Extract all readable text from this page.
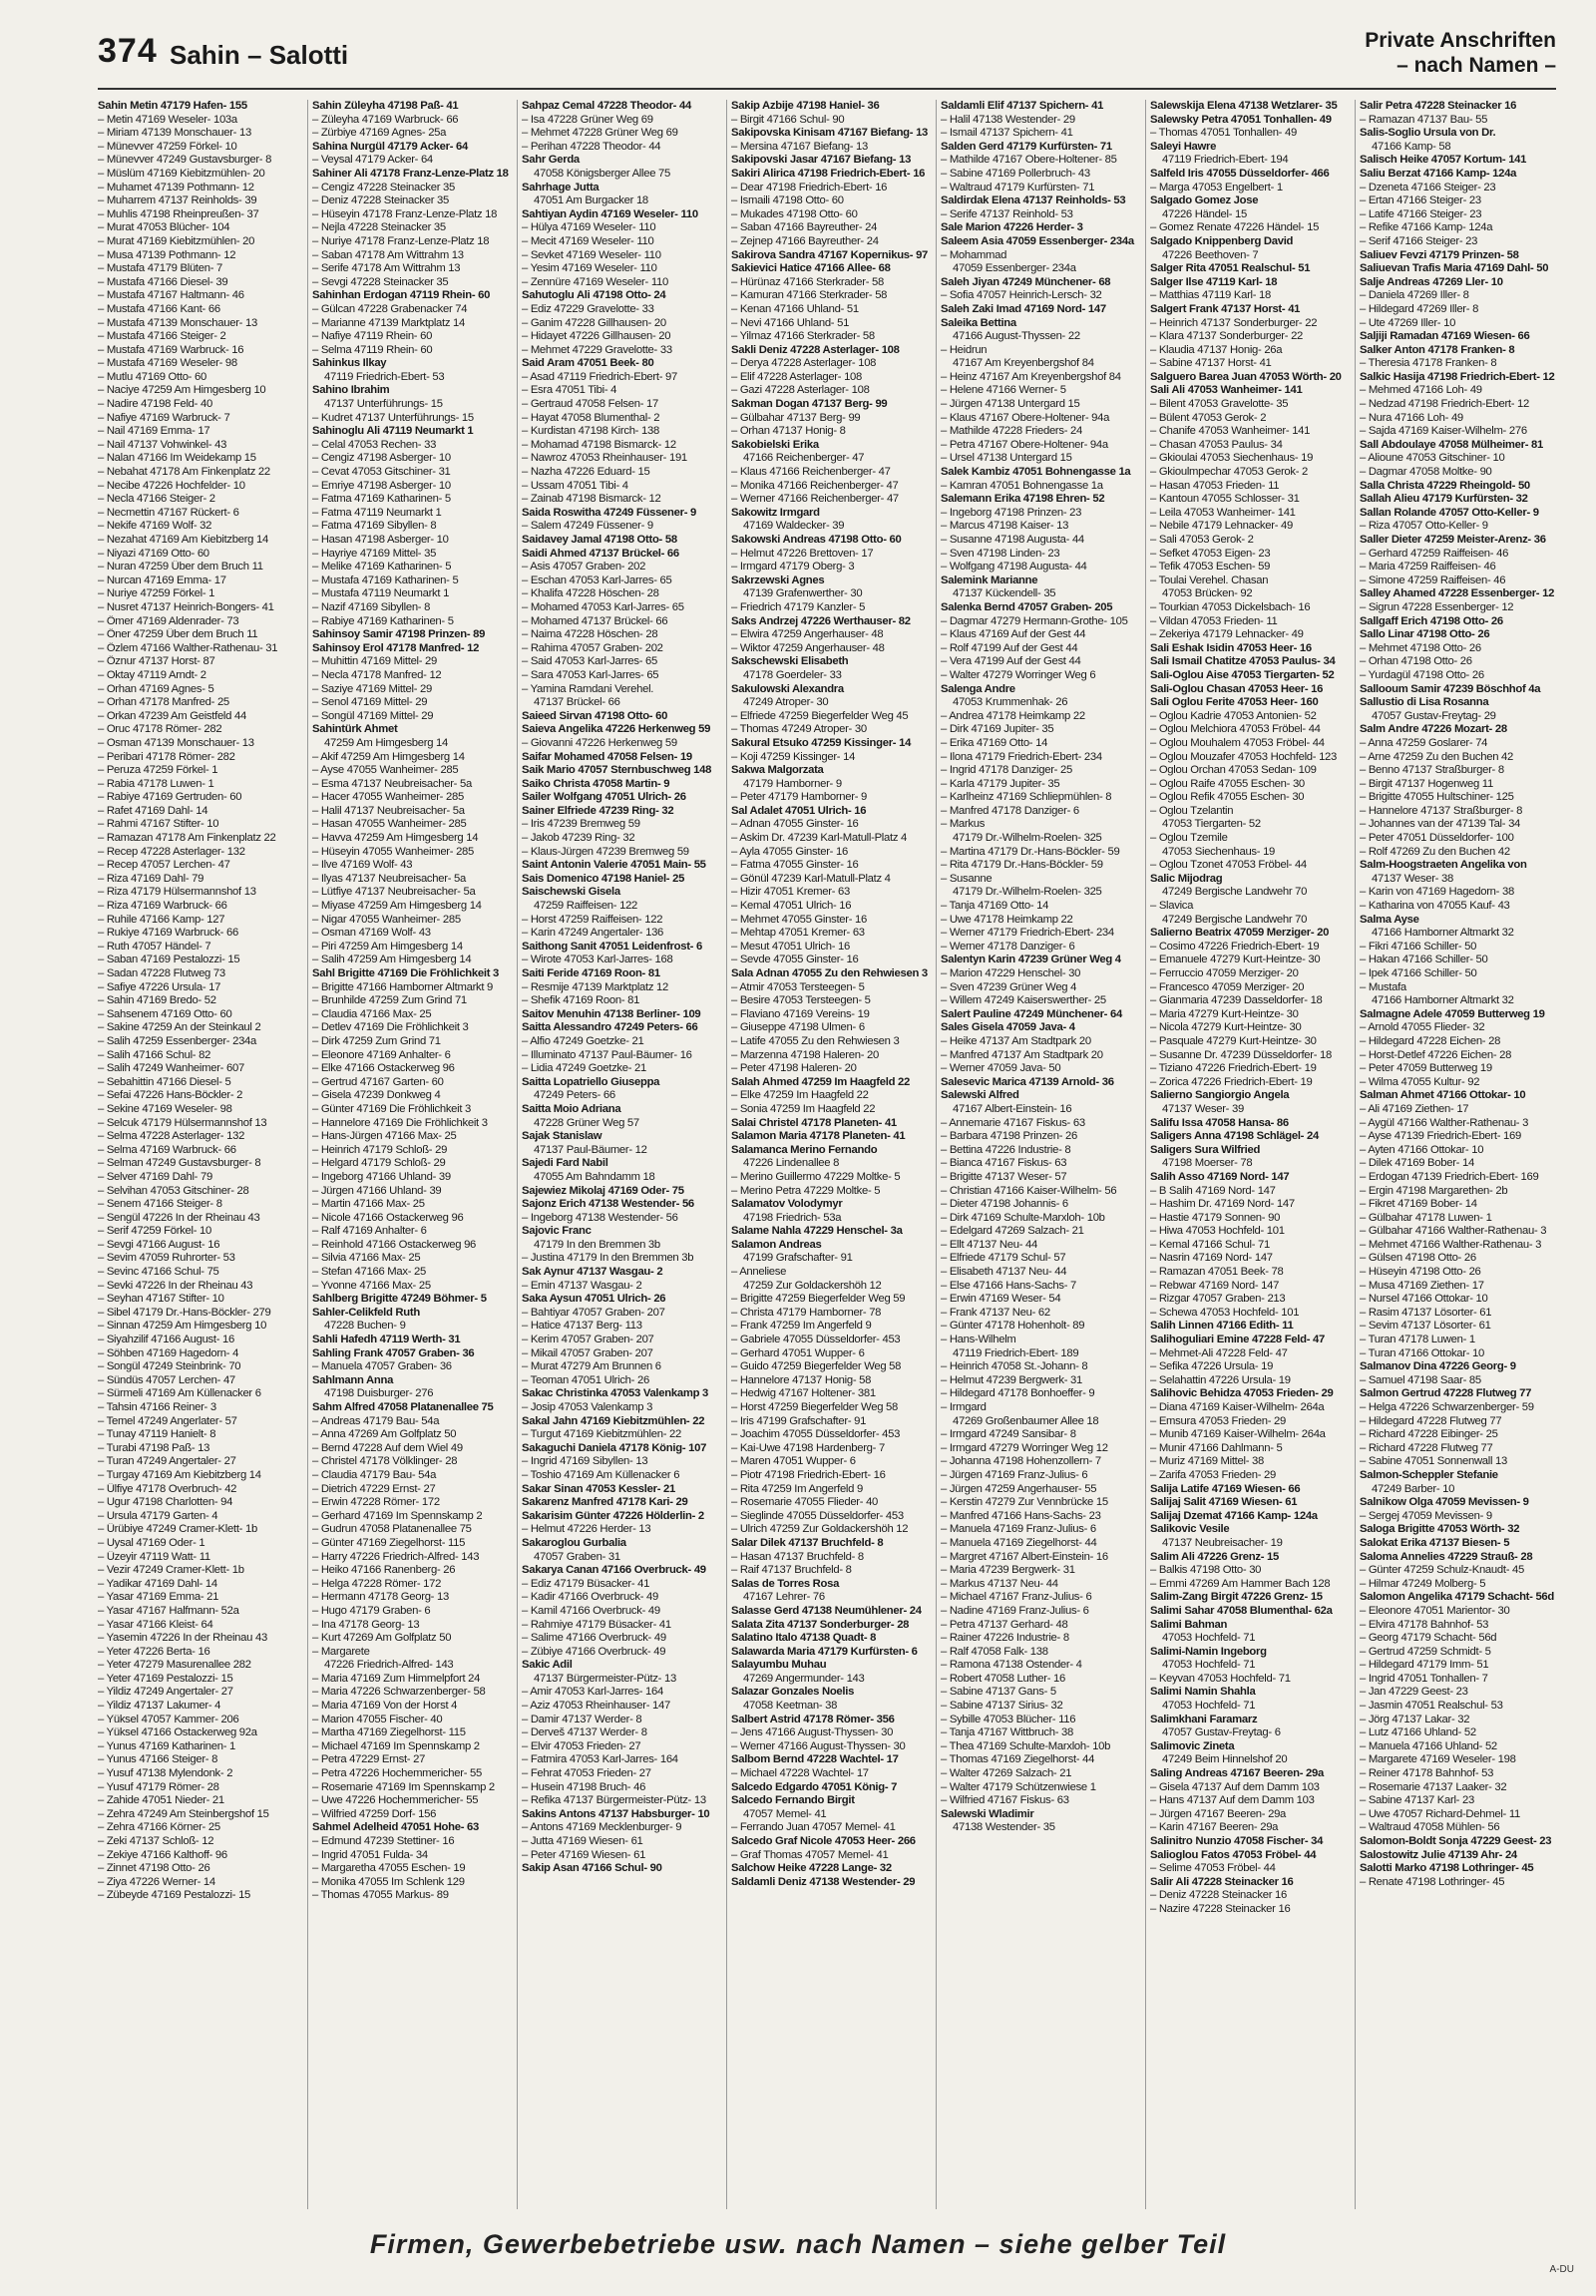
374 Sahin – Salotti	Private Anschriften
– nach Namen –
Sahin Metin 47179 Hafen- 155
– Metin 47169 Weseler- 103a
– Miriam 47139 Monschauer- 13
– Münevver 47259 Förkel- 10
– Münevver 47249 Gustavsburger- 8
– Müslüm 47169 Kiebitzmühlen- 20
– Muhamet 47139 Pothmann- 12
– Muharrem 47137 Reinholds- 39
– Muhlis 47198 Rheinpreußen- 37
– Murat 47053 Blücher- 104
– Murat 47169 Kiebitzmühlen- 20
– Musa 47139 Pothmann- 12
– Mustafa 47179 Blüten- 7
– Mustafa 47166 Diesel- 39
– Mustafa 47167 Haltmann- 46
– Mustafa 47166 Kant- 66
– Mustafa 47139 Monschauer- 13
– Mustafa 47166 Steiger- 2
– Mustafa 47169 Warbruck- 16
– Mustafa 47169 Weseler- 98
– Mutlu 47169 Otto- 60
– Naciye 47259 Am Himgesberg 10
– Nadire 47198 Feld- 40
– Nafiye 47169 Warbruck- 7
– Nail 47169 Emma- 17
– Nail 47137 Vohwinkel- 43
– Nalan 47166 Im Weidekamp 15
– Nebahat 47178 Am Finkenplatz 22
– Necibe 47226 Hochfelder- 10
– Necla 47166 Steiger- 2
– Necmettin 47167 Rückert- 6
– Nekife 47169 Wolf- 32
– Nezahat 47169 Am Kiebitzberg 14
– Niyazi 47169 Otto- 60
– Nuran 47259 Über dem Bruch 11
– Nurcan 47169 Emma- 17
– Nuriye 47259 Förkel- 1
– Nusret 47137 Heinrich-Bongers- 41
– Ömer 47169 Aldenrader- 73
– Öner 47259 Über dem Bruch 11
– Özlem 47166 Walther-Rathenau- 31
– Öznur 47137 Horst- 87
– Oktay 47119 Arndt- 2
– Orhan 47169 Agnes- 5
– Orhan 47178 Manfred- 25
– Orkan 47239 Am Geistfeld 44
– Oruc 47178 Römer- 282
– Osman 47139 Monschauer- 13
– Peribari 47178 Römer- 282
– Peruza 47259 Förkel- 1
– Rabia 47178 Luwen- 1
– Rabiye 47169 Gertruden- 60
– Rafet 47169 Dahl- 14
– Rahmi 47167 Stifter- 10
– Ramazan 47178 Am Finkenplatz 22
– Recep 47228 Asterlager- 132
– Recep 47057 Lerchen- 47
– Riza 47169 Dahl- 79
– Riza 47179 Hülsermannshof 13
– Riza 47169 Warbruck- 66
– Ruhile 47166 Kamp- 127
– Rukiye 47169 Warbruck- 66
– Ruth 47057 Händel- 7
– Saban 47169 Pestalozzi- 15
– Sadan 47228 Flutweg 73
– Safiye 47226 Ursula- 17
– Sahin 47169 Bredo- 52
– Sahsenem 47169 Otto- 60
– Sakine 47259 An der Steinkaul 2
– Salih 47259 Essenberger- 234a
– Salih 47166 Schul- 82
– Salih 47249 Wanheimer- 607
– Sebahittin 47166 Diesel- 5
– Sefai 47226 Hans-Böckler- 2
– Sekine 47169 Weseler- 98
– Selcuk 47179 Hülsermannshof 13
– Selma 47228 Asterlager- 132
– Selma 47169 Warbruck- 66
– Selman 47249 Gustavsburger- 8
– Selver 47169 Dahl- 79
– Selvihan 47053 Gitschiner- 28
– Senem 47166 Steiger- 8
– Sengül 47226 In der Rheinau 43
– Serif 47259 Förkel- 10
– Sevgi 47166 August- 16
– Sevim 47059 Ruhrorter- 53
– Sevinc 47166 Schul- 75
– Sevki 47226 In der Rheinau 43
– Seyhan 47167 Stifter- 10
– Sibel 47179 Dr.-Hans-Böckler- 279
– Sinnan 47259 Am Himgesberg 10
– Siyahzilif 47166 August- 16
– Söhben 47169 Hagedorn- 4
– Songül 47249 Steinbrink- 70
– Sündüs 47057 Lerchen- 47
– Sürmeli 47169 Am Küllenacker 6
– Tahsin 47166 Reiner- 3
– Temel 47249 Angerlater- 57
– Tunay 47119 Hanielt- 8
– Turabi 47198 Paß- 13
– Turan 47249 Angertaler- 27
– Turgay 47169 Am Kiebitzberg 14
– Ülfiye 47178 Overbruch- 42
– Ugur 47198 Charlotten- 94
– Ursula 47179 Garten- 4
– Ürübiye 47249 Cramer-Klett- 1b
– Uysal 47169 Oder- 1
– Üzeyir 47119 Watt- 11
– Vezir 47249 Cramer-Klett- 1b
– Yadikar 47169 Dahl- 14
– Yasar 47169 Emma- 21
– Yasar 47167 Halfmann- 52a
– Yasar 47166 Kleist- 64
– Yasemin 47226 In der Rheinau 43
– Yeter 47226 Berta- 16
– Yeter 47279 Masurenallee 282
– Yeter 47169 Pestalozzi- 15
– Yildiz 47249 Angertaler- 27
– Yildiz 47137 Lakumer- 4
– Yüksel 47057 Kammer- 206
– Yüksel 47166 Ostackerweg 92a
– Yunus 47169 Katharinen- 1
– Yunus 47166 Steiger- 8
– Yusuf 47138 Mylendonk- 2
– Yusuf 47179 Römer- 28
– Zahide 47051 Nieder- 21
– Zehra 47249 Am Steinbergshof 15
– Zehra 47166 Körner- 25
– Zeki 47137 Schloß- 12
– Zekiye 47166 Kalthoff- 96
– Zinnet 47198 Otto- 26
– Ziya 47226 Werner- 14
– Zübeyde 47169 Pestalozzi- 15
Sahin Züleyha 47198 Paß- 41
– Züleyha 47169 Warbruck- 66
– Zürbiye 47169 Agnes- 25a
Sahina Nurgül 47179 Acker- 64
– Veysal 47179 Acker- 64
Sahiner Ali 47178 Franz-Lenze-Platz 18
– Cengiz 47228 Steinacker 35
– Deniz 47228 Steinacker 35
– Hüseyin 47178 Franz-Lenze-Platz 18
– Nejla 47228 Steinacker 35
– Nuriye 47178 Franz-Lenze-Platz 18
– Saban 47178 Am Wittrahm 13
– Serife 47178 Am Wittrahm 13
– Sevgi 47228 Steinacker 35
Sahinhan Erdogan 47119 Rhein- 60
– Gülcan 47228 Grabenacker 74
– Marianne 47139 Marktplatz 14
– Nafiye 47119 Rhein- 60
– Selma 47119 Rhein- 60
Sahinkus Ilkay
47119 Friedrich-Ebert- 53
Sahino Ibrahim
47137 Unterführungs- 15
– Kudret 47137 Unterführungs- 15
Sahinoglu Ali 47119 Neumarkt 1
– Celal 47053 Rechen- 33
– Cengiz 47198 Asberger- 10
– Cevat 47053 Gitschiner- 31
– Emriye 47198 Asberger- 10
– Fatma 47169 Katharinen- 5
– Fatma 47119 Neumarkt 1
– Fatma 47169 Sibyllen- 8
– Hasan 47198 Asberger- 10
– Hayriye 47169 Mittel- 35
– Melike 47169 Katharinen- 5
– Mustafa 47169 Katharinen- 5
– Mustafa 47119 Neumarkt 1
– Nazif 47169 Sibyllen- 8
– Rabiye 47169 Katharinen- 5
Sahinsoy Samir 47198 Prinzen- 89
Sahinsoy Erol 47178 Manfred- 12
– Muhittin 47169 Mittel- 29
– Necla 47178 Manfred- 12
– Saziye 47169 Mittel- 29
– Senol 47169 Mittel- 29
– Songül 47169 Mittel- 29
Sahintürk Ahmet
47259 Am Himgesberg 14
– Akif 47259 Am Himgesberg 14
– Ayse 47055 Wanheimer- 285
– Esma 47137 Neubreisacher- 5a
– Hacer 47055 Wanheimer- 285
– Halil 47137 Neubreisacher- 5a
– Hasan 47055 Wanheimer- 285
– Havva 47259 Am Himgesberg 14
– Hüseyin 47055 Wanheimer- 285
– Ilve 47169 Wolf- 43
– Ilyas 47137 Neubreisacher- 5a
– Lütfiye 47137 Neubreisacher- 5a
– Miyase 47259 Am Himgesberg 14
– Nigar 47055 Wanheimer- 285
– Osman 47169 Wolf- 43
– Piri 47259 Am Himgesberg 14
– Salih 47259 Am Himgesberg 14
Sahl Brigitte 47169 Die Fröhlichkeit 3
– Brigitte 47166 Hamborner Altmarkt 9
– Brunhilde 47259 Zum Grind 71
– Claudia 47166 Max- 25
– Detlev 47169 Die Fröhlichkeit 3
– Dirk 47259 Zum Grind 71
– Eleonore 47169 Anhalter- 6
– Elke 47166 Ostackerweg 96
– Gertrud 47167 Garten- 60
– Gisela 47239 Donkweg 4
– Günter 47169 Die Fröhlichkeit 3
– Hannelore 47169 Die Fröhlichkeit 3
– Hans-Jürgen 47166 Max- 25
– Heinrich 47179 Schloß- 29
– Helgard 47179 Schloß- 29
– Ingeborg 47166 Uhland- 39
– Jürgen 47166 Uhland- 39
– Martin 47166 Max- 25
– Nicole 47166 Ostackerweg 96
– Ralf 47169 Anhalter- 6
– Reinhold 47166 Ostackerweg 96
– Silvia 47166 Max- 25
– Stefan 47166 Max- 25
– Yvonne 47166 Max- 25
Sahlberg Brigitte 47249 Böhmer- 5
Sahler-Celikfeld Ruth
47228 Buchen- 9
Sahli Hafedh 47119 Werth- 31
Sahling Frank 47057 Graben- 36
– Manuela 47057 Graben- 36
Sahlmann Anna
47198 Duisburger- 276
Sahm Alfred 47058 Platanenallee 75
– Andreas 47179 Bau- 54a
– Anna 47269 Am Golfplatz 50
– Bernd 47228 Auf dem Wiel 49
– Christel 47178 Völklinger- 28
– Claudia 47179 Bau- 54a
– Dietrich 47229 Ernst- 27
– Erwin 47228 Römer- 172
– Gerhard 47169 Im Spennskamp 2
– Gudrun 47058 Platanenallee 75
– Günter 47169 Ziegelhorst- 115
– Harry 47226 Friedrich-Alfred- 143
– Heiko 47166 Ranenberg- 26
– Helga 47228 Römer- 172
– Hermann 47178 Georg- 13
– Hugo 47179 Graben- 6
– Ina 47178 Georg- 13
– Kurt 47269 Am Golfplatz 50
– Margarete
47226 Friedrich-Alfred- 143
– Maria 47169 Zum Himmelpfort 24
– Maria 47226 Schwarzenberger- 58
– Maria 47169 Von der Horst 4
– Marion 47055 Fischer- 40
– Martha 47169 Ziegelhorst- 115
– Michael 47169 Im Spennskamp 2
– Petra 47229 Ernst- 27
– Petra 47226 Hochemmericher- 55
– Rosemarie 47169 Im Spennskamp 2
– Uwe 47226 Hochemmericher- 55
– Wilfried 47259 Dorf- 156
Sahmel Adelheid 47051 Hohe- 63
– Edmund 47239 Stettiner- 16
– Ingrid 47051 Fulda- 34
– Margaretha 47055 Eschen- 19
– Monika 47055 Im Schlenk 129
– Thomas 47055 Markus- 89
Sahpaz Cemal 47228 Theodor- 44
– Isa 47228 Grüner Weg 69
– Mehmet 47228 Grüner Weg 69
– Perihan 47228 Theodor- 44
Sahr Gerda
47058 Königsberger Allee 75
Sahrhage Jutta
47051 Am Burgacker 18
Sahtiyan Aydin 47169 Weseler- 110
– Hülya 47169 Weseler- 110
– Mecit 47169 Weseler- 110
– Sevket 47169 Weseler- 110
– Yesim 47169 Weseler- 110
– Zennüre 47169 Weseler- 110
Sahutoglu Ali 47198 Otto- 24
– Ediz 47229 Gravelotte- 33
– Ganim 47228 Gillhausen- 20
– Hidayet 47226 Gillhausen- 20
– Mehmet 47229 Gravelotte- 33
Said Aram 47051 Beek- 80
– Asad 47119 Friedrich-Ebert- 97
– Esra 47051 Tibi- 4
– Gertraud 47058 Felsen- 17
– Hayat 47058 Blumenthal- 2
– Kurdistan 47198 Kirch- 138
– Mohamad 47198 Bismarck- 12
– Nawroz 47053 Rheinhauser- 191
– Nazha 47226 Eduard- 15
– Ussam 47051 Tibi- 4
– Zainab 47198 Bismarck- 12
Saida Roswitha 47249 Füssener- 9
– Salem 47249 Füssener- 9
Saidavey Jamal 47198 Otto- 58
Saidi Ahmed 47137 Brückel- 66
– Asis 47057 Graben- 202
– Eschan 47053 Karl-Jarres- 65
– Khalifa 47228 Höschen- 28
– Mohamed 47053 Karl-Jarres- 65
– Mohamed 47137 Brückel- 66
– Naima 47228 Höschen- 28
– Rahima 47057 Graben- 202
– Said 47053 Karl-Jarres- 65
– Sara 47053 Karl-Jarres- 65
– Yamina Ramdani Verehel.
47137 Brückel- 66
Saieed Sirvan 47198 Otto- 60
Saieva Angelika 47226 Herkenweg 59
– Giovanni 47226 Herkenweg 59
Saifar Mohamed 47058 Felsen- 19
Saik Mario 47057 Sternbuschweg 148
Saiko Christa 47058 Martin- 9
Sailer Wolfgang 47051 Ulrich- 26
Sainer Elfriede 47239 Ring- 32
– Iris 47239 Bremweg 59
– Jakob 47239 Ring- 32
– Klaus-Jürgen 47239 Bremweg 59
Saint Antonin Valerie 47051 Main- 55
Sais Domenico 47198 Haniel- 25
Saischewski Gisela
47259 Raiffeisen- 122
– Horst 47259 Raiffeisen- 122
– Karin 47249 Angertaler- 136
Saithong Sanit 47051 Leidenfrost- 6
– Wirote 47053 Karl-Jarres- 168
Saiti Feride 47169 Roon- 81
– Resmije 47139 Marktplatz 12
– Shefik 47169 Roon- 81
Saitov Menuhin 47138 Berliner- 109
Saitta Alessandro 47249 Peters- 66
– Alfio 47249 Goetzke- 21
– Illuminato 47137 Paul-Bäumer- 16
– Lidia 47249 Goetzke- 21
Saitta Lopatriello Giuseppa
47249 Peters- 66
Saitta Moio Adriana
47228 Grüner Weg 57
Sajak Stanislaw
47137 Paul-Bäumer- 12
Sajedi Fard Nabil
47055 Am Bahndamm 18
Sajewiez Mikolaj 47169 Oder- 75
Sajonz Erich 47138 Westender- 56
– Ingeborg 47138 Westender- 56
Sajovic Franc
47179 In den Bremmen 3b
– Justina 47179 In den Bremmen 3b
Sak Aynur 47137 Wasgau- 2
– Emin 47137 Wasgau- 2
Saka Aysun 47051 Ulrich- 26
– Bahtiyar 47057 Graben- 207
– Hatice 47137 Berg- 113
– Kerim 47057 Graben- 207
– Mikail 47057 Graben- 207
– Murat 47279 Am Brunnen 6
– Teoman 47051 Ulrich- 26
Sakac Christinka 47053 Valenkamp 3
– Josip 47053 Valenkamp 3
Sakal Jahn 47169 Kiebitzmühlen- 22
– Turgut 47169 Kiebitzmühlen- 22
Sakaguchi Daniela 47178 König- 107
– Ingrid 47169 Sibyllen- 13
– Toshio 47169 Am Küllenacker 6
Sakar Sinan 47053 Kessler- 21
Sakarenz Manfred 47178 Kari- 29
Sakarisim Günter 47226 Hölderlin- 2
– Helmut 47226 Herder- 13
Sakaroglou Gurbalia
47057 Graben- 31
Sakarya Canan 47166 Overbruck- 49
– Ediz 47179 Büsacker- 41
– Kadir 47166 Overbruck- 49
– Kamil 47166 Overbruck- 49
– Rahmiye 47179 Büsacker- 41
– Salime 47166 Overbruck- 49
– Zübiye 47166 Overbruck- 49
Sakic Adil
47137 Bürgermeister-Pütz- 13
– Amir 47053 Karl-Jarres- 164
– Aziz 47053 Rheinhauser- 147
– Damir 47137 Werder- 8
– Derveš 47137 Werder- 8
– Elvir 47053 Frieden- 27
– Fatmira 47053 Karl-Jarres- 164
– Fehrat 47053 Frieden- 27
– Husein 47198 Bruch- 46
– Refika 47137 Bürgermeister-Pütz- 13
Sakins Antons 47137 Habsburger- 10
– Antons 47169 Mecklenburger- 9
– Jutta 47169 Wiesen- 61
– Peter 47169 Wiesen- 61
Sakip Asan 47166 Schul- 90
Sakip Azbije 47198 Haniel- 36
– Birgit 47166 Schul- 90
Sakipovska Kinisam 47167 Biefang- 13
– Mersina 47167 Biefang- 13
Sakipovski Jasar 47167 Biefang- 13
Sakiri Alirica 47198 Friedrich-Ebert- 16
– Dear 47198 Friedrich-Ebert- 16
– Ismaili 47198 Otto- 60
– Mukades 47198 Otto- 60
– Saban 47166 Bayreuther- 24
– Zejnep 47166 Bayreuther- 24
Sakirova Sandra 47167 Kopernikus- 97
Sakievici Hatice 47166 Allee- 68
– Hürünaz 47166 Sterkrader- 58
– Kamuran 47166 Sterkrader- 58
– Kenan 47166 Uhland- 51
– Nevi 47166 Uhland- 51
– Yilmaz 47166 Sterkrader- 58
Sakli Deniz 47228 Asterlager- 108
– Derya 47228 Asterlager- 108
– Elif 47228 Asterlager- 108
– Gazi 47228 Asterlager- 108
Sakman Dogan 47137 Berg- 99
– Gülbahar 47137 Berg- 99
– Orhan 47137 Honig- 8
Sakobielski Erika
47166 Reichenberger- 47
– Klaus 47166 Reichenberger- 47
– Monika 47166 Reichenberger- 47
– Werner 47166 Reichenberger- 47
Sakowitz Irmgard
47169 Waldecker- 39
Sakowski Andreas 47198 Otto- 60
– Helmut 47226 Brettoven- 17
– Irmgard 47179 Oberg- 3
Sakrzewski Agnes
47139 Grafenwerther- 30
– Friedrich 47179 Kanzler- 5
Saks Andrzej 47226 Werthauser- 82
– Elwira 47259 Angerhauser- 48
– Wiktor 47259 Angerhauser- 48
Sakschewski Elisabeth
47178 Goerdeler- 33
Sakulowski Alexandra
47249 Atroper- 30
– Elfriede 47259 Biegerfelder Weg 45
– Thomas 47249 Atroper- 30
Sakural Etsuko 47259 Kissinger- 14
– Koji 47259 Kissinger- 14
Sakwa Malgorzata
47179 Hamborner- 9
– Peter 47179 Hamborner- 9
Sal Adalet 47051 Ulrich- 16
– Adnan 47055 Ginster- 16
– Askim Dr. 47239 Karl-Matull-Platz 4
– Ayla 47055 Ginster- 16
– Fatma 47055 Ginster- 16
– Gönül 47239 Karl-Matull-Platz 4
– Hizir 47051 Kremer- 63
– Kemal 47051 Ulrich- 16
– Mehmet 47055 Ginster- 16
– Mehtap 47051 Kremer- 63
– Mesut 47051 Ulrich- 16
– Sevde 47055 Ginster- 16
Sala Adnan 47055 Zu den Rehwiesen 3
– Atmir 47053 Tersteegen- 5
– Besire 47053 Tersteegen- 5
– Flaviano 47169 Vereins- 19
– Giuseppe 47198 Ulmen- 6
– Latife 47055 Zu den Rehwiesen 3
– Marzenna 47198 Haleren- 20
– Peter 47198 Haleren- 20
Salah Ahmed 47259 Im Haagfeld 22
– Elke 47259 Im Haagfeld 22
– Sonia 47259 Im Haagfeld 22
Salai Christel 47178 Planeten- 41
Salamon Maria 47178 Planeten- 41
Salamanca Merino Fernando
47226 Lindenallee 8
– Merino Guillermo 47229 Moltke- 5
– Merino Petra 47229 Moltke- 5
Salamatov Volodymyr
47198 Friedrich- 53a
Salame Nahla 47229 Henschel- 3a
Salamon Andreas
47199 Grafschafter- 91
– Anneliese
47259 Zur Goldackershöh 12
– Brigitte 47259 Biegerfelder Weg 59
– Christa 47179 Hamborner- 78
– Frank 47259 Im Angerfeld 9
– Gabriele 47055 Düsseldorfer- 453
– Gerhard 47051 Wupper- 6
– Guido 47259 Biegerfelder Weg 58
– Hannelore 47137 Honig- 58
– Hedwig 47167 Holtener- 381
– Horst 47259 Biegerfelder Weg 58
– Iris 47199 Grafschafter- 91
– Joachim 47055 Düsseldorfer- 453
– Kai-Uwe 47198 Hardenberg- 7
– Maren 47051 Wupper- 6
– Piotr 47198 Friedrich-Ebert- 16
– Rita 47259 Im Angerfeld 9
– Rosemarie 47055 Flieder- 40
– Sieglinde 47055 Düsseldorfer- 453
– Ulrich 47259 Zur Goldackershöh 12
Salar Dilek 47137 Bruchfeld- 8
– Hasan 47137 Bruchfeld- 8
– Raif 47137 Bruchfeld- 8
Salas de Torres Rosa
47167 Lehrer- 76
Salasse Gerd 47138 Neumühlener- 24
Salata Zita 47137 Sonderburger- 28
Salatino Italo 47138 Quadt- 8
Salawarda Maria 47179 Kurfürsten- 6
Salayumbu Muhau
47269 Angermunder- 143
Salazar Gonzales Noelis
47058 Keetman- 38
Salbert Astrid 47178 Römer- 356
– Jens 47166 August-Thyssen- 30
– Werner 47166 August-Thyssen- 30
Salbom Bernd 47228 Wachtel- 17
– Michael 47228 Wachtel- 17
Salcedo Edgardo 47051 König- 7
Salcedo Fernando Birgit
47057 Memel- 41
– Ferrando Juan 47057 Memel- 41
Salcedo Graf Nicole 47053 Heer- 266
– Graf Thomas 47057 Memel- 41
Salchow Heike 47228 Lange- 32
Saldamli Deniz 47138 Westender- 29
Saldamli Elif 47137 Spichern- 41
– Halil 47138 Westender- 29
– Ismail 47137 Spichern- 41
Salden Gerd 47179 Kurfürsten- 71
– Mathilde 47167 Obere-Holtener- 85
– Sabine 47169 Pollerbruch- 43
– Waltraud 47179 Kurfürsten- 71
Saldirdak Elena 47137 Reinholds- 53
– Serife 47137 Reinhold- 53
Sale Marion 47226 Herder- 3
Saleem Asia 47059 Essenberger- 234a
– Mohammad
47059 Essenberger- 234a
Saleh Jiyan 47249 Münchener- 68
– Sofia 47057 Heinrich-Lersch- 32
Saleh Zaki Imad 47169 Nord- 147
Saleika Bettina
47166 August-Thyssen- 22
– Heidrun
47167 Am Kreyenbergshof 84
– Heinz 47167 Am Kreyenbergshof 84
– Helene 47166 Werner- 5
– Jürgen 47138 Untergard 15
– Klaus 47167 Obere-Holtener- 94a
– Mathilde 47228 Frieders- 24
– Petra 47167 Obere-Holtener- 94a
– Ursel 47138 Untergard 15
Salek Kambiz 47051 Bohnengasse 1a
– Kamran 47051 Bohnengasse 1a
Salemann Erika 47198 Ehren- 52
– Ingeborg 47198 Prinzen- 23
– Marcus 47198 Kaiser- 13
– Susanne 47198 Augusta- 44
– Sven 47198 Linden- 23
– Wolfgang 47198 Augusta- 44
Salemink Marianne
47137 Kückendell- 35
Salenka Bernd 47057 Graben- 205
– Dagmar 47279 Hermann-Grothe- 105
– Klaus 47169 Auf der Gest 44
– Rolf 47199 Auf der Gest 44
– Vera 47199 Auf der Gest 44
– Walter 47279 Worringer Weg 6
Salenga Andre
47053 Krummenhak- 26
– Andrea 47178 Heimkamp 22
– Dirk 47169 Jupiter- 35
– Erika 47169 Otto- 14
– Ilona 47179 Friedrich-Ebert- 234
– Ingrid 47178 Danziger- 25
– Karla 47179 Jupiter- 35
– Karlheinz 47169 Schliepmühlen- 8
– Manfred 47178 Danziger- 6
– Markus
47179 Dr.-Wilhelm-Roelen- 325
– Martina 47179 Dr.-Hans-Böckler- 59
– Rita 47179 Dr.-Hans-Böckler- 59
– Susanne
47179 Dr.-Wilhelm-Roelen- 325
– Tanja 47169 Otto- 14
– Uwe 47178 Heimkamp 22
– Werner 47179 Friedrich-Ebert- 234
– Werner 47178 Danziger- 6
Salentyn Karin 47239 Grüner Weg 4
– Marion 47229 Henschel- 30
– Sven 47239 Grüner Weg 4
– Willem 47249 Kaiserswerther- 25
Salert Pauline 47249 Münchener- 64
Sales Gisela 47059 Java- 4
– Heike 47137 Am Stadtpark 20
– Manfred 47137 Am Stadtpark 20
– Werner 47059 Java- 50
Salesevic Marica 47139 Arnold- 36
Salewski Alfred
47167 Albert-Einstein- 16
– Annemarie 47167 Fiskus- 63
– Barbara 47198 Prinzen- 26
– Bettina 47226 Industrie- 8
– Bianca 47167 Fiskus- 63
– Brigitte 47137 Weser- 57
– Christian 47166 Kaiser-Wilhelm- 56
– Dieter 47198 Johannis- 6
– Dirk 47169 Schulte-Marxloh- 10b
– Edelgard 47269 Salzach- 21
– Ellt 47137 Neu- 44
– Elfriede 47179 Schul- 57
– Elisabeth 47137 Neu- 44
– Else 47166 Hans-Sachs- 7
– Erwin 47169 Weser- 54
– Frank 47137 Neu- 62
– Günter 47178 Hohenholt- 89
– Hans-Wilhelm
47119 Friedrich-Ebert- 189
– Heinrich 47058 St.-Johann- 8
– Helmut 47239 Bergwerk- 31
– Hildegard 47178 Bonhoeffer- 9
– Irmgard
47269 Großenbaumer Allee 18
– Irmgard 47249 Sansibar- 8
– Irmgard 47279 Worringer Weg 12
– Johanna 47198 Hohenzollern- 7
– Jürgen 47169 Franz-Julius- 6
– Jürgen 47259 Angerhauser- 55
– Kerstin 47279 Zur Vennbrücke 15
– Manfred 47166 Hans-Sachs- 23
– Manuela 47169 Franz-Julius- 6
– Manuela 47169 Ziegelhorst- 44
– Margret 47167 Albert-Einstein- 16
– Maria 47239 Bergwerk- 31
– Markus 47137 Neu- 44
– Michael 47167 Franz-Julius- 6
– Nadine 47169 Franz-Julius- 6
– Petra 47137 Gerhard- 48
– Rainer 47226 Industrie- 8
– Ralf 47058 Falk- 138
– Ramona 47138 Ostender- 4
– Robert 47058 Luther- 16
– Sabine 47137 Gans- 5
– Sabine 47137 Sirius- 32
– Sybille 47053 Blücher- 116
– Tanja 47167 Wittbruch- 38
– Thea 47169 Schulte-Marxloh- 10b
– Thomas 47169 Ziegelhorst- 44
– Walter 47269 Salzach- 21
– Walter 47179 Schützenwiese 1
– Wilfried 47167 Fiskus- 63
Salewski Wladimir
47138 Westender- 35
Salewskija Elena 47138 Wetzlarer- 35
Salewsky Petra 47051 Tonhallen- 49
– Thomas 47051 Tonhallen- 49
Saleyi Hawre
47119 Friedrich-Ebert- 194
Salfeld Iris 47055 Düsseldorfer- 466
– Marga 47053 Engelbert- 1
Salgado Gomez Jose
47226 Händel- 15
– Gomez Renate 47226 Händel- 15
Salgado Knippenberg David
47226 Beethoven- 7
Salger Rita 47051 Realschul- 51
Salger Ilse 47119 Karl- 18
– Matthias 47119 Karl- 18
Salgert Frank 47137 Horst- 41
– Heinrich 47137 Sonderburger- 22
– Klara 47137 Sonderburger- 22
– Klaudia 47137 Honig- 26a
– Sabine 47137 Horst- 41
Salguero Barea Juan 47053 Wörth- 20
Sali Ali 47053 Wanheimer- 141
– Bilent 47053 Gravelotte- 35
– Bülent 47053 Gerok- 2
– Chanife 47053 Wanheimer- 141
– Chasan 47053 Paulus- 34
– Gkioulai 47053 Siechenhaus- 19
– Gkioulmpechar 47053 Gerok- 2
– Hasan 47053 Frieden- 11
– Kantoun 47055 Schlosser- 31
– Leila 47053 Wanheimer- 141
– Nebile 47179 Lehnacker- 49
– Sali 47053 Gerok- 2
– Sefket 47053 Eigen- 23
– Tefik 47053 Eschen- 59
– Toulai Verehel. Chasan
47053 Brücken- 92
– Tourkian 47053 Dickelsbach- 16
– Vildan 47053 Frieden- 11
– Zekeriya 47179 Lehnacker- 49
Sali Eshak Isidin 47053 Heer- 16
Sali Ismail Chatitze 47053 Paulus- 34
Sali-Oglou Aise 47053 Tiergarten- 52
Sali-Oglou Chasan 47053 Heer- 16
Sali Oglou Ferite 47053 Heer- 160
– Oglou Kadrie 47053 Antonien- 52
– Oglou Melchiora 47053 Fröbel- 44
– Oglou Mouhalem 47053 Fröbel- 44
– Oglou Mouzafer 47053 Hochfeld- 123
– Oglou Orchan 47053 Sedan- 109
– Oglou Raife 47055 Eschen- 30
– Oglou Refik 47055 Eschen- 30
– Oglou Tzelantin
47053 Tiergarten- 52
– Oglou Tzemile
47053 Siechenhaus- 19
– Oglou Tzonet 47053 Fröbel- 44
Salic Mijodrag
47249 Bergische Landwehr 70
– Slavica
47249 Bergische Landwehr 70
Salierno Beatrix 47059 Merziger- 20
– Cosimo 47226 Friedrich-Ebert- 19
– Emanuele 47279 Kurt-Heintze- 30
– Ferruccio 47059 Merziger- 20
– Francesco 47059 Merziger- 20
– Gianmaria 47239 Dasseldorfer- 18
– Maria 47279 Kurt-Heintze- 30
– Nicola 47279 Kurt-Heintze- 30
– Pasquale 47279 Kurt-Heintze- 30
– Susanne Dr. 47239 Düsseldorfer- 18
– Tiziano 47226 Friedrich-Ebert- 19
– Zorica 47226 Friedrich-Ebert- 19
Salierno Sangiorgio Angela
47137 Weser- 39
Salifu Issa 47058 Hansa- 86
Saligers Anna 47198 Schlägel- 24
Saligers Sura Wilfried
47198 Moerser- 78
Salih Asso 47169 Nord- 147
– B Salih 47169 Nord- 147
– Hashim Dr. 47169 Nord- 147
– Hastie 47179 Sonnen- 90
– Hiwa 47053 Hochfeld- 101
– Kemal 47166 Schul- 71
– Nasrin 47169 Nord- 147
– Ramazan 47051 Beek- 78
– Rebwar 47169 Nord- 147
– Rizgar 47057 Graben- 213
– Schewa 47053 Hochfeld- 101
Salih Linnen 47166 Edith- 11
Salihoguliari Emine 47228 Feld- 47
– Mehmet-Ali 47228 Feld- 47
– Sefika 47226 Ursula- 19
– Selahattin 47226 Ursula- 19
Salihovic Behidza 47053 Frieden- 29
– Diana 47169 Kaiser-Wilhelm- 264a
– Emsura 47053 Frieden- 29
– Munib 47169 Kaiser-Wilhelm- 264a
– Munir 47166 Dahlmann- 5
– Muriz 47169 Mittel- 38
– Zarifa 47053 Frieden- 29
Salija Latife 47169 Wiesen- 66
Salijaj Salit 47169 Wiesen- 61
Salijaj Dzemat 47166 Kamp- 124a
Salikovic Vesile
47137 Neubreisacher- 19
Salim Ali 47226 Grenz- 15
– Balkis 47198 Otto- 30
– Emmi 47269 Am Hammer Bach 128
Salim-Zang Birgit 47226 Grenz- 15
Salimi Sahar 47058 Blumenthal- 62a
Salimi Bahman
47053 Hochfeld- 71
Salimi-Namin Ingeborg
47053 Hochfeld- 71
– Keyvan 47053 Hochfeld- 71
Salimi Namin Shahla
47053 Hochfeld- 71
Salimkhani Faramarz
47057 Gustav-Freytag- 6
Salimovic Zineta
47249 Beim Hinnelshof 20
Saling Andreas 47167 Beeren- 29a
– Gisela 47137 Auf dem Damm 103
– Hans 47137 Auf dem Damm 103
– Jürgen 47167 Beeren- 29a
– Karin 47167 Beeren- 29a
Salinitro Nunzio 47058 Fischer- 34
Salioglou Fatos 47053 Fröbel- 44
– Selime 47053 Fröbel- 44
Salir Ali 47228 Steinacker 16
– Deniz 47228 Steinacker 16
– Nazire 47228 Steinacker 16
Salir Petra 47228 Steinacker 16
– Ramazan 47137 Bau- 55
Salis-Soglio Ursula von Dr.
47166 Kamp- 58
Salisch Heike 47057 Kortum- 141
Saliu Berzat 47166 Kamp- 124a
– Dzeneta 47166 Steiger- 23
– Ertan 47166 Steiger- 23
– Latife 47166 Steiger- 23
– Refike 47166 Kamp- 124a
– Serif 47166 Steiger- 23
Saliuev Fevzi 47179 Prinzen- 58
Saliuevan Trafis Maria 47169 Dahl- 50
Salje Andreas 47269 Ller- 10
– Daniela 47269 Iller- 8
– Hildegard 47269 Iller- 8
– Ute 47269 Iller- 10
Saljiji Ramadan 47169 Wiesen- 66
Salker Anton 47178 Franken- 8
– Theresia 47178 Franken- 8
Salkic Hasija 47198 Friedrich-Ebert- 12
– Mehmed 47166 Loh- 49
– Nedzad 47198 Friedrich-Ebert- 12
– Nura 47166 Loh- 49
– Sajda 47169 Kaiser-Wilhelm- 276
Sall Abdoulaye 47058 Mülheimer- 81
– Alioune 47053 Gitschiner- 10
– Dagmar 47058 Moltke- 90
Salla Christa 47229 Rheingold- 50
Sallah Alieu 47179 Kurfürsten- 32
Sallan Rolande 47057 Otto-Keller- 9
– Riza 47057 Otto-Keller- 9
Saller Dieter 47259 Meister-Arenz- 36
– Gerhard 47259 Raiffeisen- 46
– Maria 47259 Raiffeisen- 46
– Simone 47259 Raiffeisen- 46
Salley Ahamed 47228 Essenberger- 12
– Sigrun 47228 Essenberger- 12
Sallgaff Erich 47198 Otto- 26
Sallo Linar 47198 Otto- 26
– Mehmet 47198 Otto- 26
– Orhan 47198 Otto- 26
– Yurdagül 47198 Otto- 26
Sallooum Samir 47239 Böschhof 4a
Sallustio di Lisa Rosanna
47057 Gustav-Freytag- 29
Salm Andre 47226 Mozart- 28
– Anna 47259 Goslarer- 74
– Arne 47259 Zu den Buchen 42
– Benno 47137 Straßburger- 8
– Birgit 47137 Hogenweg 11
– Brigitte 47055 Hultschiner- 125
– Hannelore 47137 Straßburger- 8
– Johannes van der 47139 Tal- 34
– Peter 47051 Düsseldorfer- 100
– Rolf 47269 Zu den Buchen 42
Salm-Hoogstraeten Angelika von
47137 Weser- 38
– Karin von 47169 Hagedorn- 38
– Katharina von 47055 Kauf- 43
Salma Ayse
47166 Hamborner Altmarkt 32
– Fikri 47166 Schiller- 50
– Hakan 47166 Schiller- 50
– Ipek 47166 Schiller- 50
– Mustafa
47166 Hamborner Altmarkt 32
Salmagne Adele 47059 Butterweg 19
– Arnold 47055 Flieder- 32
– Hildegard 47228 Eichen- 28
– Horst-Detlef 47226 Eichen- 28
– Peter 47059 Butterweg 19
– Wilma 47055 Kultur- 92
Salman Ahmet 47166 Ottokar- 10
– Ali 47169 Ziethen- 17
– Aygül 47166 Walther-Rathenau- 3
– Ayse 47139 Friedrich-Ebert- 169
– Ayten 47166 Ottokar- 10
– Dilek 47169 Bober- 14
– Erdogan 47139 Friedrich-Ebert- 169
– Ergin 47198 Margarethen- 2b
– Fikret 47169 Bober- 14
– Gülbahar 47178 Luwen- 1
– Gülbahar 47166 Walther-Rathenau- 3
– Mehmet 47166 Walther-Rathenau- 3
– Gülsen 47198 Otto- 26
– Hüseyin 47198 Otto- 26
– Musa 47169 Ziethen- 17
– Nursel 47166 Ottokar- 10
– Rasim 47137 Lösorter- 61
– Sevim 47137 Lösorter- 61
– Turan 47178 Luwen- 1
– Turan 47166 Ottokar- 10
Salmanov Dina 47226 Georg- 9
– Samuel 47198 Saar- 85
Salmon Gertrud 47228 Flutweg 77
– Helga 47226 Schwarzenberger- 59
– Hildegard 47228 Flutweg 77
– Richard 47228 Eibinger- 25
– Richard 47228 Flutweg 77
– Sabine 47051 Sonnenwall 13
Salmon-Scheppler Stefanie
47249 Barber- 10
Salnikow Olga 47059 Mevissen- 9
– Sergej 47059 Mevissen- 9
Saloga Brigitte 47053 Wörth- 32
Salokat Erika 47137 Biesen- 5
Saloma Annelies 47229 Strauß- 28
– Günter 47259 Schulz-Knaudt- 45
– Hilmar 47249 Molberg- 5
Salomon Angelika 47179 Schacht- 56d
– Eleonore 47051 Marientor- 30
– Elvira 47178 Bahnhof- 53
– Georg 47179 Schacht- 56d
– Gertrud 47259 Schmidt- 5
– Hildegard 47179 Imm- 51
– Ingrid 47051 Tonhallen- 7
– Jan 47229 Geest- 23
– Jasmin 47051 Realschul- 53
– Jörg 47137 Lakar- 32
– Lutz 47166 Uhland- 52
– Manuela 47166 Uhland- 52
– Margarete 47169 Weseler- 198
– Reiner 47178 Bahnhof- 53
– Rosemarie 47137 Laaker- 32
– Sabine 47137 Karl- 23
– Uwe 47057 Richard-Dehmel- 11
– Waltraud 47058 Mühlen- 56
Salomon-Boldt Sonja 47229 Geest- 23
Salostowitz Julie 47139 Ahr- 24
Salotti Marko 47198 Lothringer- 45
– Renate 47198 Lothringer- 45
Firmen, Gewerbebetriebe usw. nach Namen – siehe gelber Teil
A-DU
